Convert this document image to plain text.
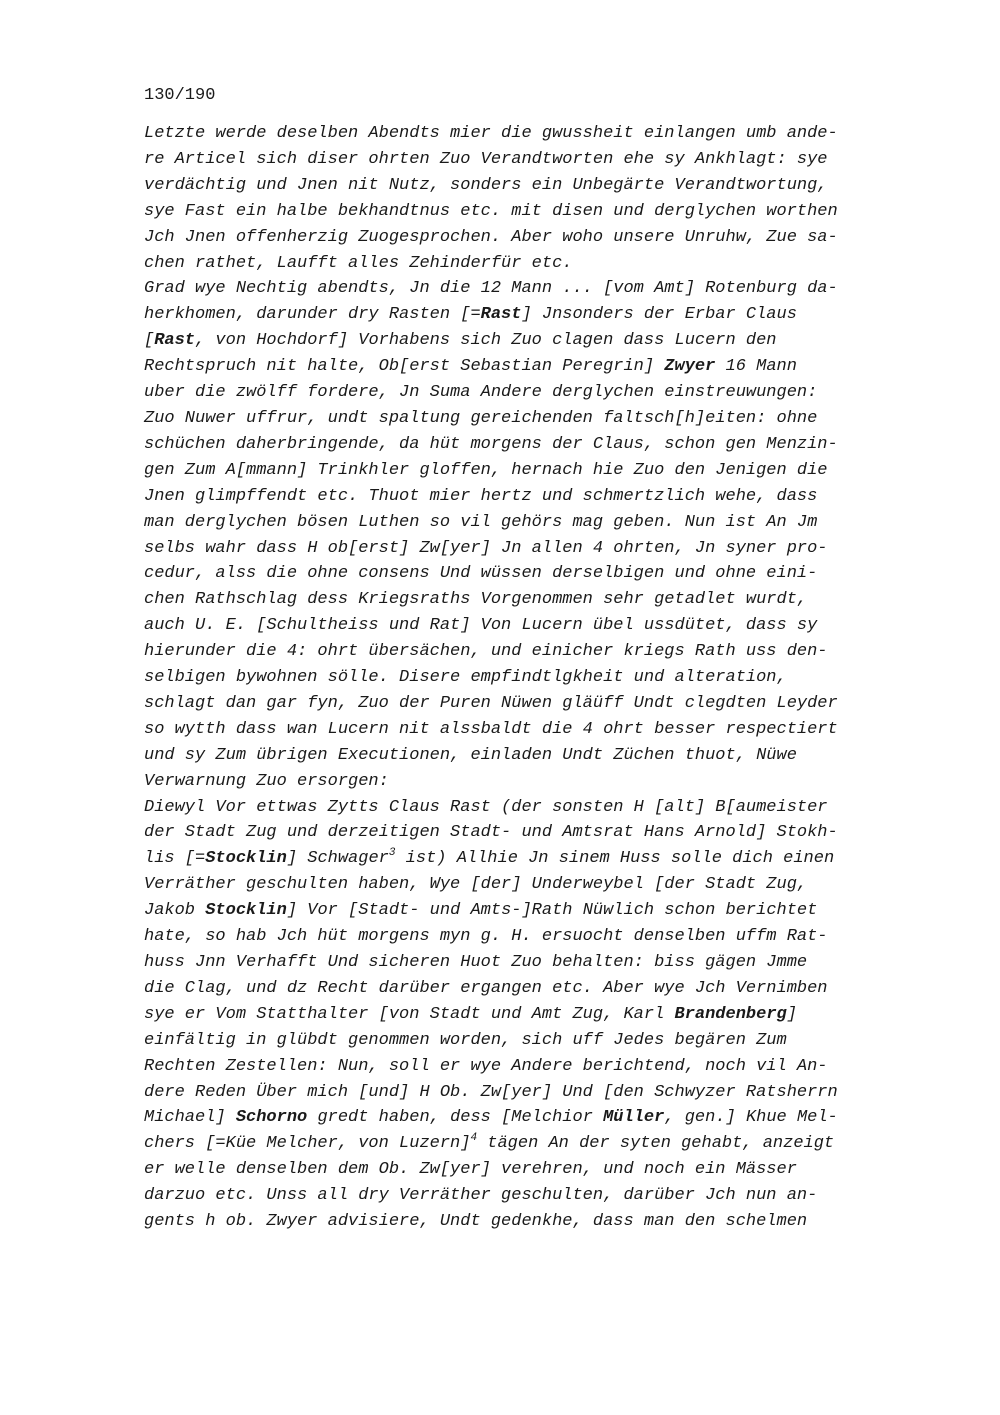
130/190

Letzte werde deselben Abendts mier die gwussheit einlangen umb ande-
re Articel sich diser ohrten Zuo Verandtworten ehe sy Ankhlagt: sye
verdächtig und Jnen nit Nutz, sonders ein Unbegärte Verandtwortung,
sye Fast ein halbe bekhandtnus etc. mit disen und derglychen worthen
Jch Jnen offenherzig Zuogesprochen. Aber woho unsere Unruhw, Zue sa-
chen rathet, Laufft alles Zehinderfür etc.
Grad wye Nechtig abendts, Jn die 12 Mann ... [vom Amt] Rotenburg da-
herkhomen, darunder dry Rasten [=Rast] Jnsonders der Erbar Claus
[Rast, von Hochdorf] Vorhabens sich Zuo clagen dass Lucern den
Rechtspruch nit halte, Ob[erst Sebastian Peregrin] Zwyer 16 Mann
uber die zwölff fordere, Jn Suma Andere derglychen einstreuwungen:
Zuo Nuwer uffrur, undt spaltung gereichenden faltsch[h]eiten: ohne
schüchen daherbringende, da hüt morgens der Claus, schon gen Menzin-
gen Zum A[mmann] Trinkhler gloffen, hernach hie Zuo den Jenigen die
Jnen glimpffendt etc. Thuot mier hertz und schmertzlich wehe, dass
man derglychen bösen Luthen so vil gehörs mag geben. Nun ist An Jm
selbs wahr dass H ob[erst] Zw[yer] Jn allen 4 ohrten, Jn syner pro-
cedur, alss die ohne consens Und wüssen derselbigen und ohne eini-
chen Rathschlag dess Kriegsraths Vorgenommen sehr getadlet wurdt,
auch U. E. [Schultheiss und Rat] Von Lucern übel ussdütet, dass sy
hierunder die 4: ohrt übersächen, und einicher kriegs Rath uss den-
selbigen bywohnen sölle. Disere empfindtlgkheit und alteration,
schlagt dan gar fyn, Zuo der Puren Nüwen gläüff Undt clegdten Leyder
so wytth dass wan Lucern nit alssbaldt die 4 ohrt besser respectiert
und sy Zum übrigen Executionen, einladen Undt Züchen thuot, Nüwe
Verwarnung Zuo ersorgen:
Diewyl Vor ettwas Zytts Claus Rast (der sonsten H [alt] B[aumeister
der Stadt Zug und derzeitigen Stadt- und Amtsrat Hans Arnold] Stokh-
lis [=Stocklin] Schwager$^3$ ist) Allhie Jn sinem Huss solle dich einen
Verräther geschulten haben, Wye [der] Underweybel [der Stadt Zug,
Jakob Stocklin] Vor [Stadt- und Amts-]Rath Nüwlich schon berichtet
hate, so hab Jch hüt morgens myn g. H. ersuocht denselben uffm Rat-
huss Jnn Verhafft Und sicheren Huot Zuo behalten: biss gägen Jmme
die Clag, und dz Recht darüber ergangen etc. Aber wye Jch Vernimben
sye er Vom Statthalter [von Stadt und Amt Zug, Karl Brandenberg]
einfältig in glübdt genommen worden, sich uff Jedes begären Zum
Rechten Zestellen: Nun, soll er wye Andere berichtend, noch vil An-
dere Reden Über mich [und] H Ob. Zw[yer] Und [den Schwyzer Ratsherrn
Michael] Schorno gredt haben, dess [Melchior Müller, gen.] Khue Mel-
chers [=Küe Melcher, von Luzern]$^4$ tägen An der syten gehabt, anzeigt
er welle denselben dem Ob. Zw[yer] verehren, und noch ein Mässer
darzuo etc. Unss all dry Verräther geschulten, darüber Jch nun an-
gents h ob. Zwyer advisiere, Undt gedenkhe, dass man den schelmen
